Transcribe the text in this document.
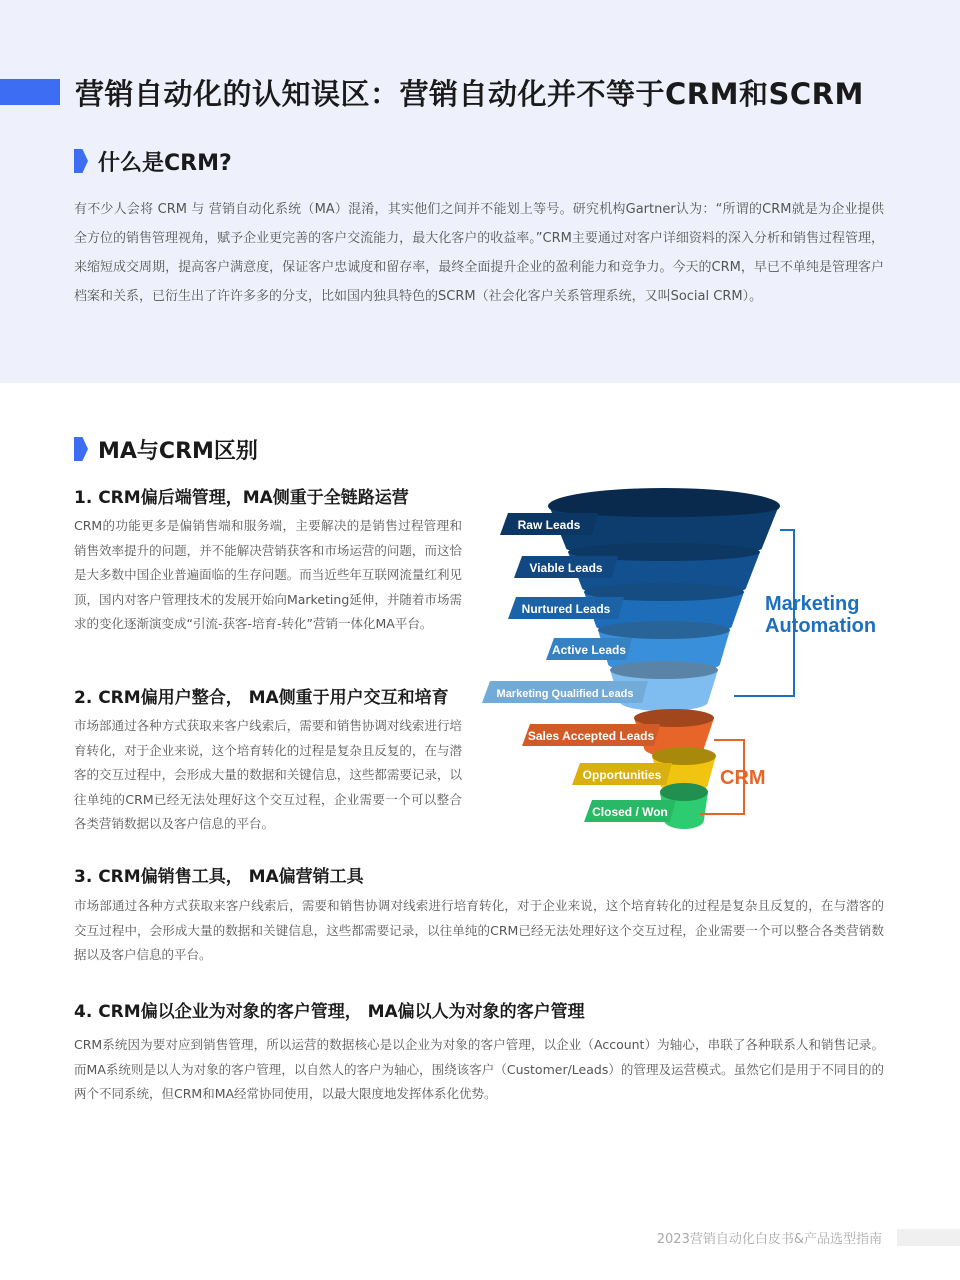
营销自动化的认知误区：营销自动化并不等于CRM和SCRM
什么是CRM?
有不少人会将 CRM 与 营销自动化系统（MA）混淆，其实他们之间并不能划上等号。研究机构Gartner认为：“所谓的CRM就是为企业提供全方位的销售管理视角，赋予企业更完善的客户交流能力，最大化客户的收益率。”CRM主要通过对客户详细资料的深入分析和销售过程管理，来缩短成交周期，提高客户满意度，保证客户忠诚度和留存率，最终全面提升企业的盈利能力和竞争力。今天的CRM，早已不单纯是管理客户档案和关系，已衍生出了许许多多的分支，比如国内独具特色的SCRM（社会化客户关系管理系统，又叫Social CRM）。
MA与CRM区别
1. CRM偏后端管理，MA侧重于全链路运营
CRM的功能更多是偏销售端和服务端，主要解决的是销售过程管理和销售效率提升的问题，并不能解决营销获客和市场运营的问题，而这恰是大多数中国企业普遍面临的生存问题。而当近些年互联网流量红利见顶，国内对客户管理技术的发展开始向Marketing延伸，并随着市场需求的变化逐渐演变成“引流-获客-培育-转化”营销一体化MA平台。
2. CRM偏用户整合， MA侧重于用户交互和培育
市场部通过各种方式获取来客户线索后，需要和销售协调对线索进行培育转化，对于企业来说，这个培育转化的过程是复杂且反复的，在与潜客的交互过程中，会形成大量的数据和关键信息，这些都需要记录，以往单纯的CRM已经无法处理好这个交互过程，企业需要一个可以整合各类营销数据以及客户信息的平台。
3. CRM偏销售工具， MA偏营销工具
市场部通过各种方式获取来客户线索后，需要和销售协调对线索进行培育转化，对于企业来说，这个培育转化的过程是复杂且反复的，在与潜客的交互过程中，会形成大量的数据和关键信息，这些都需要记录，以往单纯的CRM已经无法处理好这个交互过程，企业需要一个可以整合各类营销数据以及客户信息的平台。
4. CRM偏以企业为对象的客户管理， MA偏以人为对象的客户管理
CRM系统因为要对应到销售管理，所以运营的数据核心是以企业为对象的客户管理，以企业（Account）为轴心，串联了各种联系人和销售记录。而MA系统则是以人为对象的客户管理，以自然人的客户为轴心，围绕该客户（Customer/Leads）的管理及运营模式。虽然它们是用于不同目的的两个不同系统，但CRM和MA经常协同使用，以最大限度地发挥体系化优势。
Raw Leads
Viable Leads
Nurtured Leads
Active Leads
Marketing Qualified Leads
Sales Accepted Leads
Opportunities
Closed / Won
Marketing
Automation
CRM
2023营销自动化白皮书&产品选型指南
